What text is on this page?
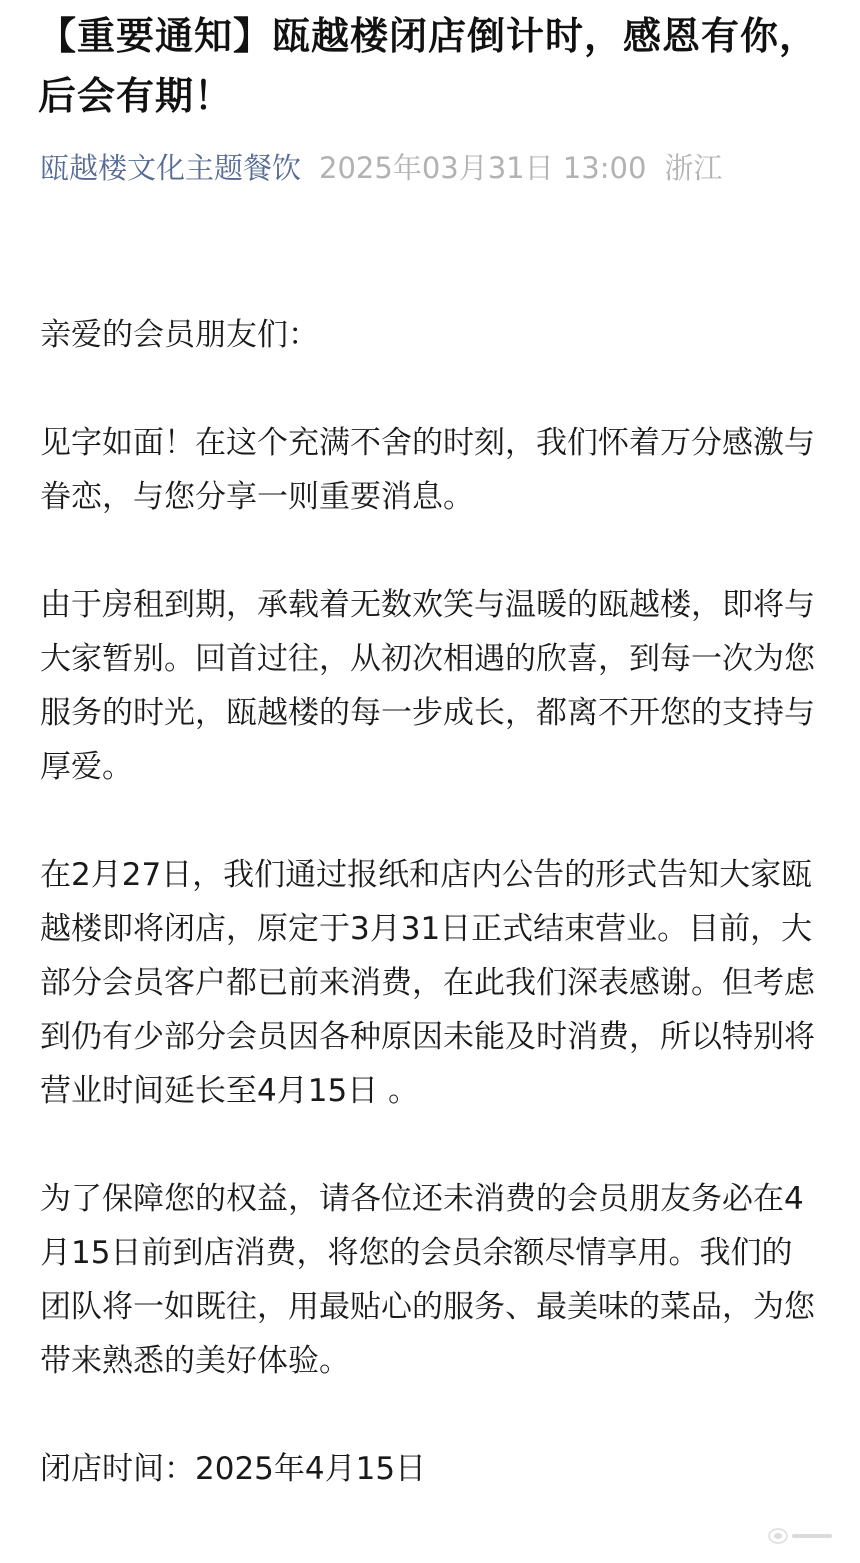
【重要通知】瓯越楼闭店倒计时，感恩有你，后会有期！
瓯越楼文化主题餐饮 2025年03月31日 13:00 浙江

亲爱的会员朋友们：

见字如面！在这个充满不舍的时刻，我们怀着万分感激与眷恋，与您分享一则重要消息。

由于房租到期，承载着无数欢笑与温暖的瓯越楼，即将与大家暂别。回首过往，从初次相遇的欣喜，到每一次为您服务的时光，瓯越楼的每一步成长，都离不开您的支持与厚爱。

在2月27日，我们通过报纸和店内公告的形式告知大家瓯越楼即将闭店，原定于3月31日正式结束营业。目前，大部分会员客户都已前来消费，在此我们深表感谢。但考虑到仍有少部分会员因各种原因未能及时消费，所以特别将营业时间延长至4月15日 。

为了保障您的权益，请各位还未消费的会员朋友务必在4月15日前到店消费，将您的会员余额尽情享用。我们的团队将一如既往，用最贴心的服务、最美味的菜品，为您带来熟悉的美好体验。

闭店时间：2025年4月15日
